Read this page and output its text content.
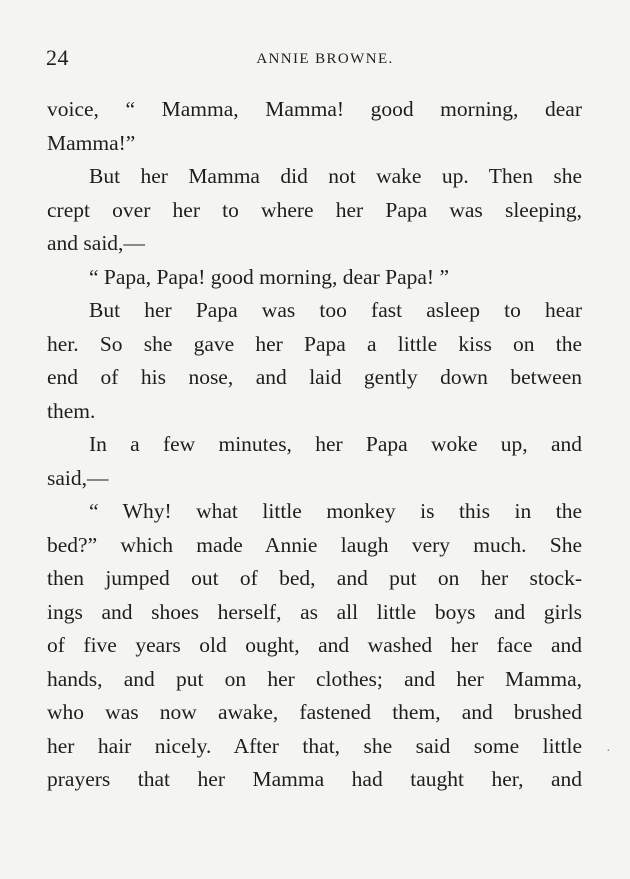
24	ANNIE BROWNE.
voice, “ Mamma, Mamma! good morning, dear
Mamma!”
But her Mamma did not wake up. Then she
crept over her to where her Papa was sleeping,
and said,—
“ Papa, Papa! good morning, dear Papa! ”
But her Papa was too fast asleep to hear
her. So she gave her Papa a little kiss on the
end of his nose, and laid gently down between
them.
In a few minutes, her Papa woke up, and
said,—
“ Why! what little monkey is this in the
bed?” which made Annie laugh very much. She
then jumped out of bed, and put on her stock-
ings and shoes herself, as all little boys and girls
of five years old ought, and washed her face and
hands, and put on her clothes; and her Mamma,
who was now awake, fastened them, and brushed
her hair nicely. After that, she said some little
prayers that her Mamma had taught her, and
·
